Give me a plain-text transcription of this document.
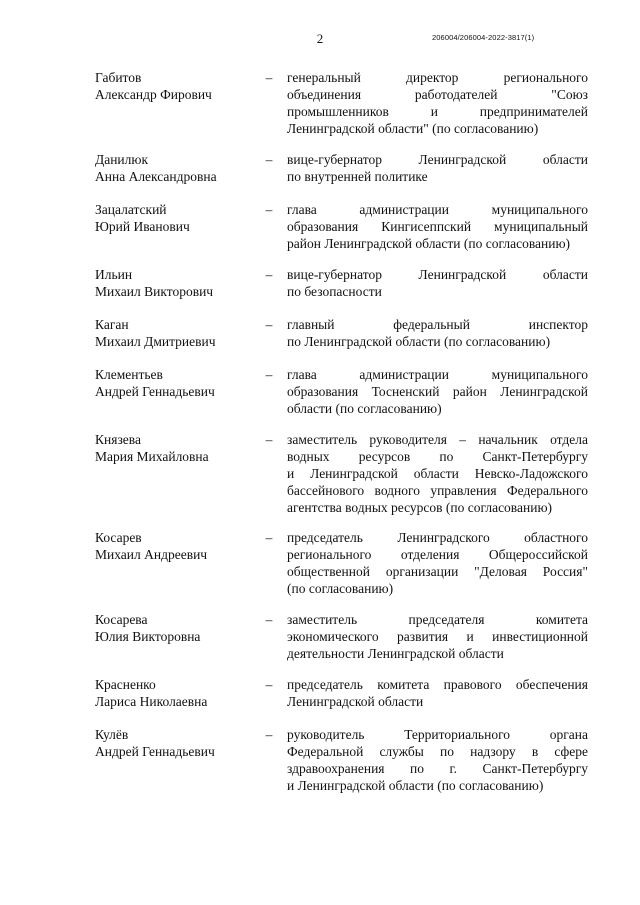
2	206004/206004-2022-3817(1)
Габитов
Александр Фирович
– генеральный директор регионального
объединения работодателей "Союз
промышленников и предпринимателей
Ленинградской области" (по согласованию)
Данилюк
Анна Александровна
– вице-губернатор Ленинградской области
по внутренней политике
Зацалатский
Юрий Иванович
– глава администрации муниципального
образования Кингисеппский муниципальный
район Ленинградской области (по согласованию)
Ильин
Михаил Викторович
– вице-губернатор Ленинградской области
по безопасности
Каган
Михаил Дмитриевич
– главный федеральный инспектор
по Ленинградской области (по согласованию)
Клементьев
Андрей Геннадьевич
– глава администрации муниципального
образования Тосненский район Ленинградской
области (по согласованию)
Князева
Мария Михайловна
– заместитель руководителя – начальник отдела
водных ресурсов по Санкт-Петербургу
и Ленинградской области Невско-Ладожского
бассейнового водного управления Федерального
агентства водных ресурсов (по согласованию)
Косарев
Михаил Андреевич
– председатель Ленинградского областного
регионального отделения Общероссийской
общественной организации "Деловая Россия"
(по согласованию)
Косарева
Юлия Викторовна
– заместитель председателя комитета
экономического развития и инвестиционной
деятельности Ленинградской области
Красненко
Лариса Николаевна
– председатель комитета правового обеспечения
Ленинградской области
Кулёв
Андрей Геннадьевич
– руководитель Территориального органа
Федеральной службы по надзору в сфере
здравоохранения по г. Санкт-Петербургу
и Ленинградской области (по согласованию)
